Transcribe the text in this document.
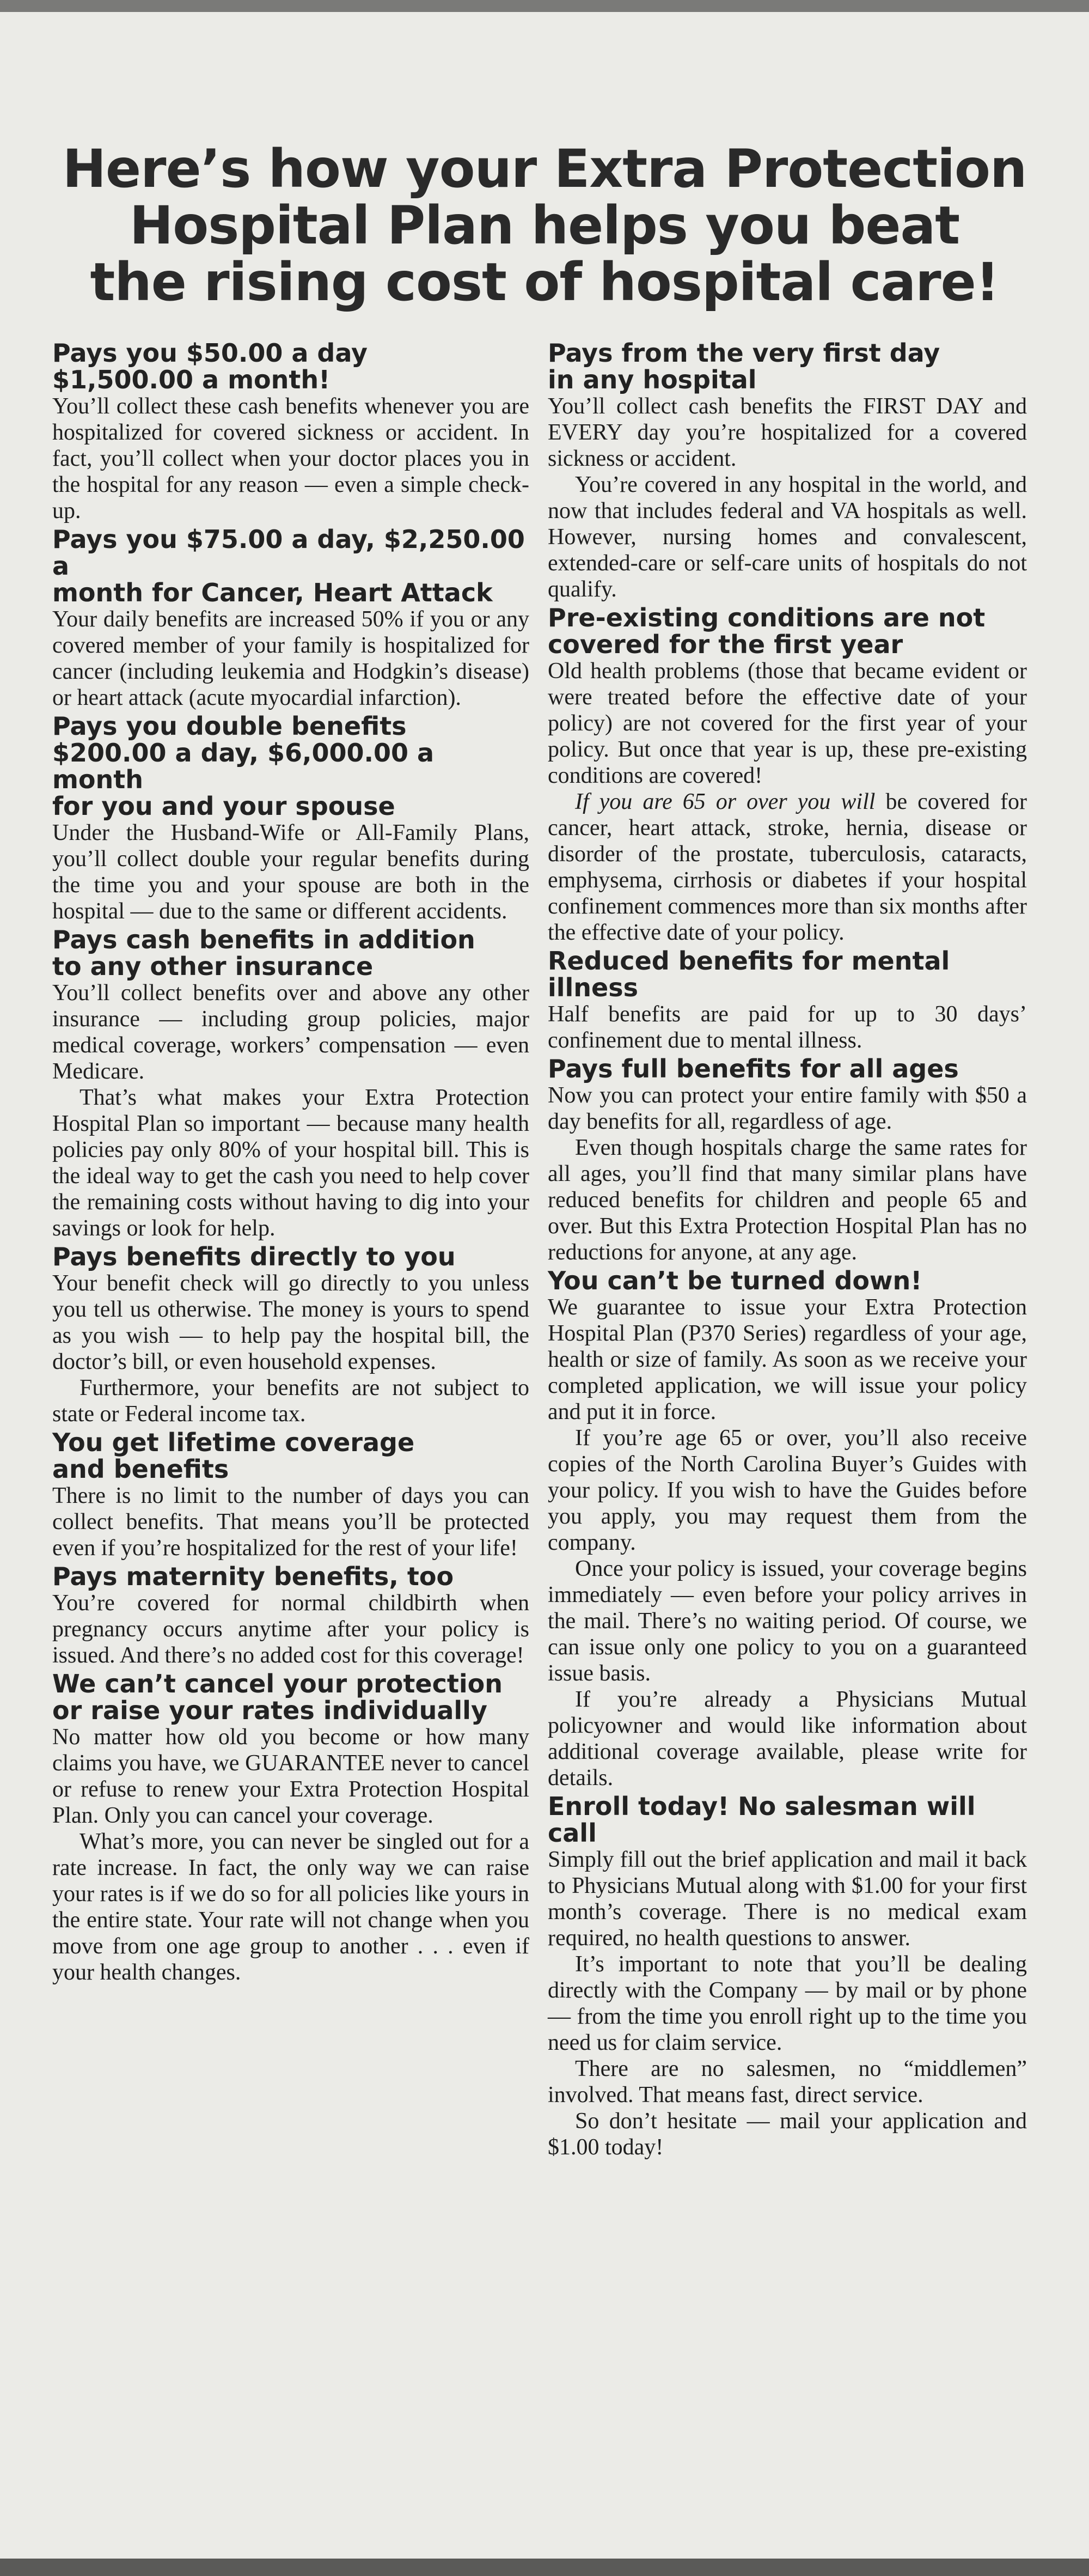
Here’s how your Extra Protection
Hospital Plan helps you beat
the rising cost of hospital care!
Pays you $50.00 a day
$1,500.00 a month!

You’ll collect these cash benefits whenever you are hospitalized for covered sickness or accident. In fact, you’ll collect when your doctor places you in the hospital for any reason — even a simple check-up.

Pays you $75.00 a day, $2,250.00 a
month for Cancer, Heart Attack

Your daily benefits are increased 50% if you or any covered member of your family is hospitalized for cancer (including leukemia and Hodgkin’s disease) or heart attack (acute myocardial infarction).

Pays you double benefits
$200.00 a day, $6,000.00 a month
for you and your spouse

Under the Husband-Wife or All-Family Plans, you’ll collect double your regular benefits during the time you and your spouse are both in the hospital — due to the same or different accidents.

Pays cash benefits in addition
to any other insurance

You’ll collect benefits over and above any other insurance — including group policies, major medical coverage, workers’ compensation — even Medicare.

That’s what makes your Extra Protection Hospital Plan so important — because many health policies pay only 80% of your hospital bill. This is the ideal way to get the cash you need to help cover the remaining costs without having to dig into your savings or look for help.

Pays benefits directly to you

Your benefit check will go directly to you unless you tell us otherwise. The money is yours to spend as you wish — to help pay the hospital bill, the doctor’s bill, or even household expenses.

Furthermore, your benefits are not subject to state or Federal income tax.

You get lifetime coverage
and benefits

There is no limit to the number of days you can collect benefits. That means you’ll be protected even if you’re hospitalized for the rest of your life!

Pays maternity benefits, too

You’re covered for normal childbirth when pregnancy occurs anytime after your policy is issued. And there’s no added cost for this coverage!

We can’t cancel your protection
or raise your rates individually

No matter how old you become or how many claims you have, we GUARANTEE never to cancel or refuse to renew your Extra Protection Hospital Plan. Only you can cancel your coverage.

What’s more, you can never be singled out for a rate increase. In fact, the only way we can raise your rates is if we do so for all policies like yours in the entire state. Your rate will not change when you move from one age group to another . . . even if your health changes.

Pays from the very first day
in any hospital

You’ll collect cash benefits the FIRST DAY and EVERY day you’re hospitalized for a covered sickness or accident.

You’re covered in any hospital in the world, and now that includes federal and VA hospitals as well. However, nursing homes and convalescent, extended-care or self-care units of hospitals do not qualify.

Pre-existing conditions are not
covered for the first year

Old health problems (those that became evident or were treated before the effective date of your policy) are not covered for the first year of your policy. But once that year is up, these pre-existing conditions are covered!

If you are 65 or over you will be covered for cancer, heart attack, stroke, hernia, disease or disorder of the prostate, tuberculosis, cataracts, emphysema, cirrhosis or diabetes if your hospital confinement commences more than six months after the effective date of your policy.

Reduced benefits for mental illness

Half benefits are paid for up to 30 days’ confinement due to mental illness.

Pays full benefits for all ages

Now you can protect your entire family with $50 a day benefits for all, regardless of age.

Even though hospitals charge the same rates for all ages, you’ll find that many similar plans have reduced benefits for children and people 65 and over. But this Extra Protection Hospital Plan has no reductions for anyone, at any age.

You can’t be turned down!

We guarantee to issue your Extra Protection Hospital Plan (P370 Series) regardless of your age, health or size of family. As soon as we receive your completed application, we will issue your policy and put it in force.

If you’re age 65 or over, you’ll also receive copies of the North Carolina Buyer’s Guides with your policy. If you wish to have the Guides before you apply, you may request them from the company.

Once your policy is issued, your coverage begins immediately — even before your policy arrives in the mail. There’s no waiting period. Of course, we can issue only one policy to you on a guaranteed issue basis.

If you’re already a Physicians Mutual policyowner and would like information about additional coverage available, please write for details.

Enroll today! No salesman will call

Simply fill out the brief application and mail it back to Physicians Mutual along with $1.00 for your first month’s coverage. There is no medical exam required, no health questions to answer.

It’s important to note that you’ll be dealing directly with the Company — by mail or by phone — from the time you enroll right up to the time you need us for claim service.

There are no salesmen, no “middlemen” involved. That means fast, direct service.

So don’t hesitate — mail your application and $1.00 today!
